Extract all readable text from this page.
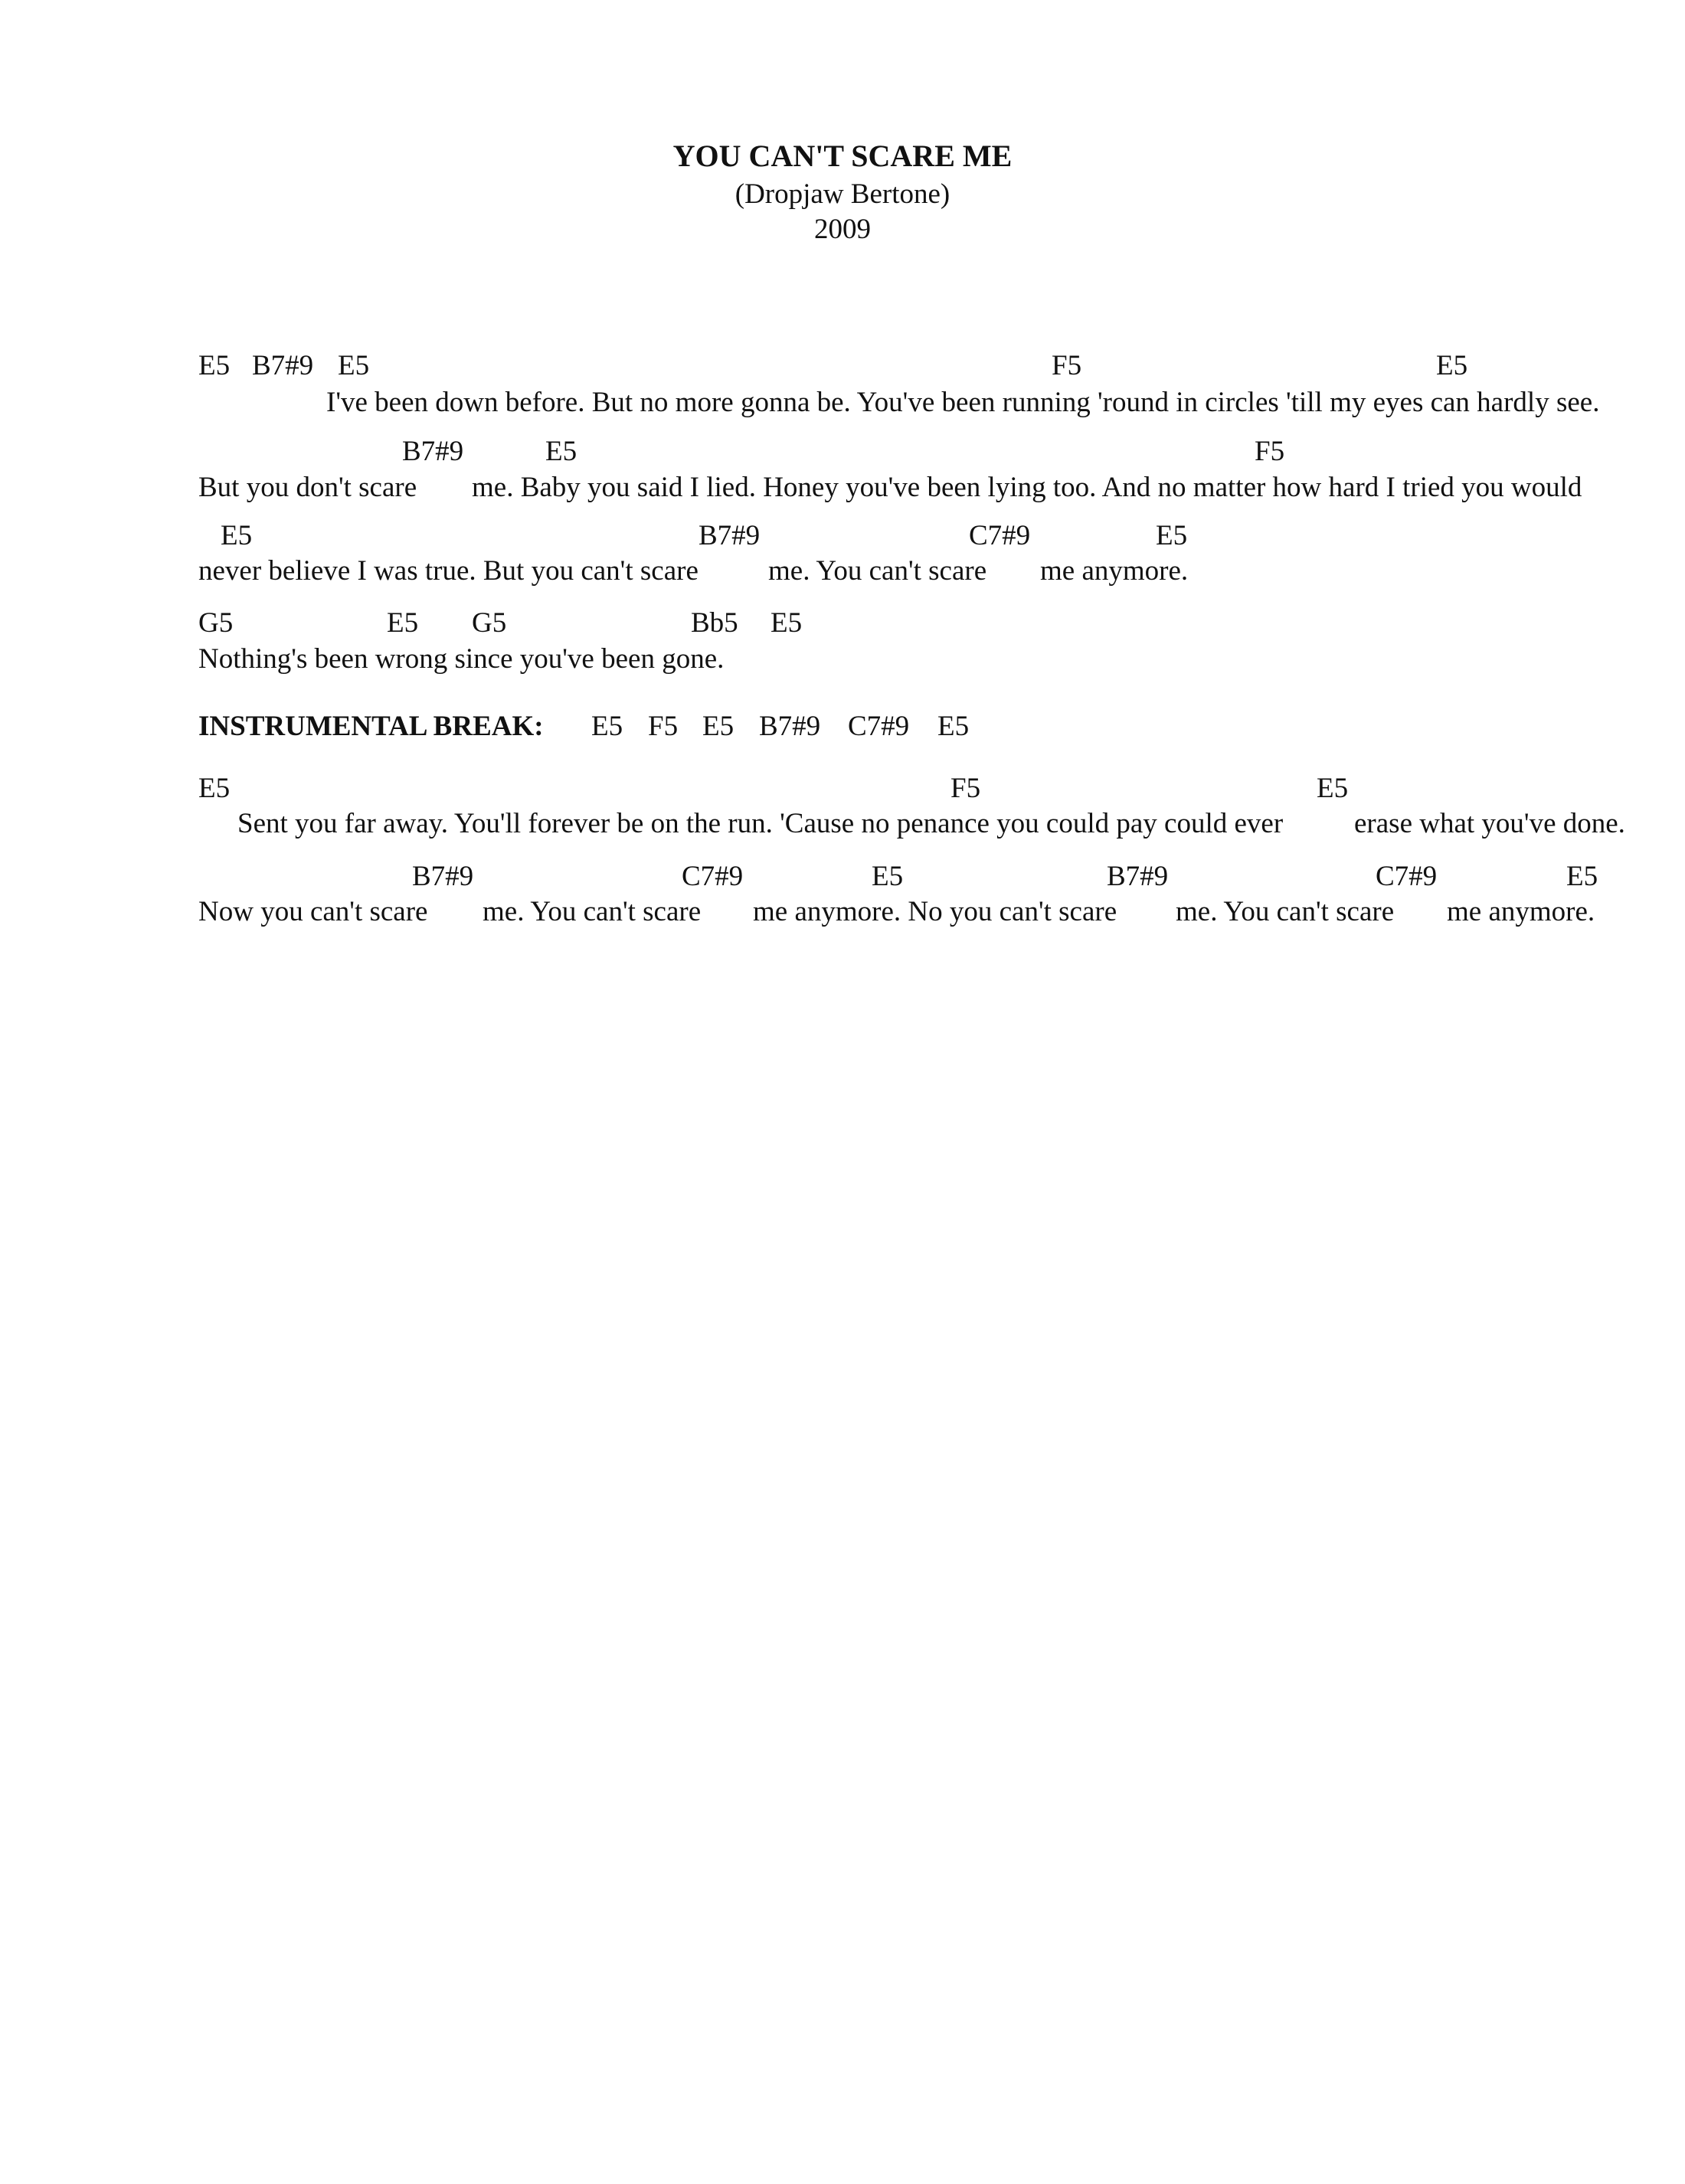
YOU CAN'T SCARE ME
(Dropjaw Bertone)
2009

E5

B7#9

E5

	F5

	E5

I've been down before. But no more gonna be. You've been running 'round in circles 'till my eyes can hardly see.

B7#9

	E5

	F5

But you don't scare

me. Baby you said I lied. Honey you've been lying too. And no matter how hard I tried you would

E5

	B7#9

	C7#9

	E5

never believe I was true. But you can't scare

me. You can't scare

me anymore.

G5

	E5

G5

	Bb5

E5

Nothing's been wrong since you've been gone.

INSTRUMENTAL BREAK:

E5

F5

E5

B7#9

C7#9

E5

E5

	F5

	E5

Sent you far away. You'll forever be on the run. 'Cause no penance you could pay could ever

	erase what you've done.

B7#9

	C7#9

	E5

	B7#9

	C7#9

	E5

Now you can't scare

me. You can't scare

me anymore. No you can't scare

me. You can't scare

me anymore.
